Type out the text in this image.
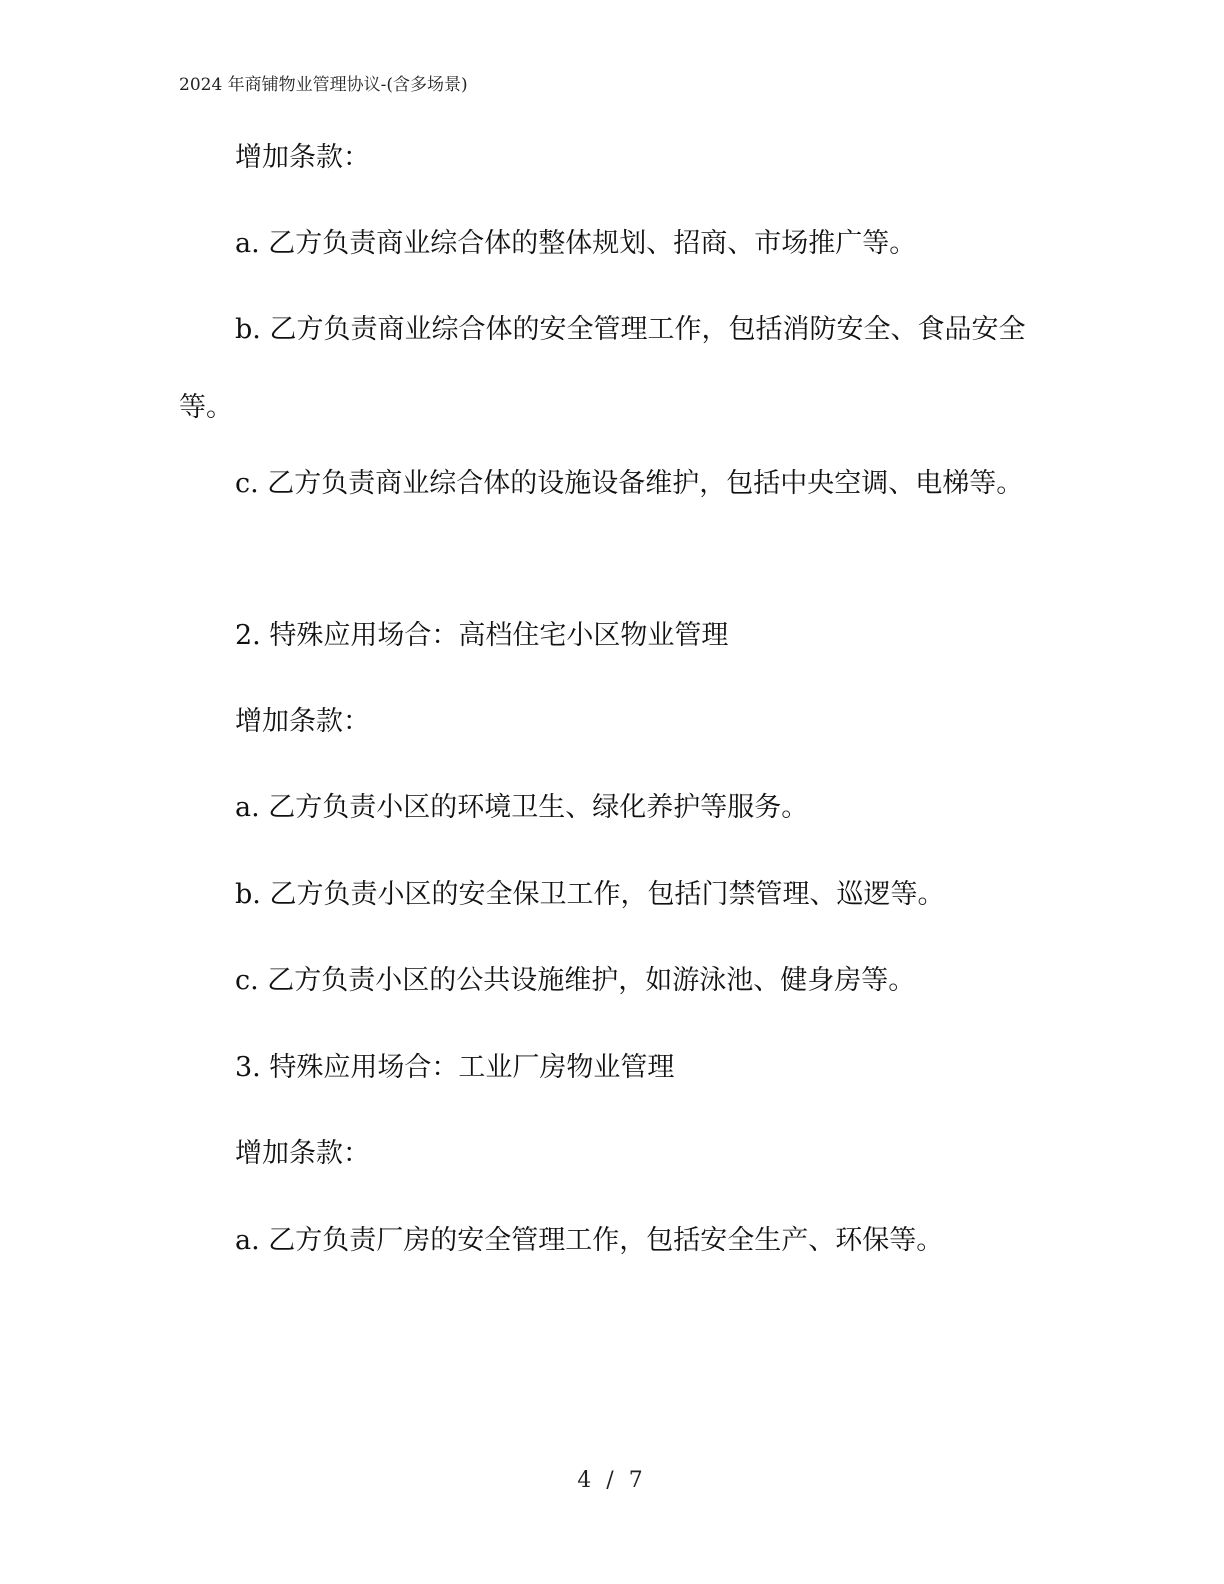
2024 年商铺物业管理协议-(含多场景)

增加条款：

a. 乙方负责商业综合体的整体规划、招商、市场推广等。

b. 乙方负责商业综合体的安全管理工作，包括消防安全、食品安全等。

c. 乙方负责商业综合体的设施设备维护，包括中央空调、电梯等。

2. 特殊应用场合：高档住宅小区物业管理

增加条款：

a. 乙方负责小区的环境卫生、绿化养护等服务。

b. 乙方负责小区的安全保卫工作，包括门禁管理、巡逻等。

c. 乙方负责小区的公共设施维护，如游泳池、健身房等。

3. 特殊应用场合：工业厂房物业管理

增加条款：

a. 乙方负责厂房的安全管理工作，包括安全生产、环保等。

4 / 7
